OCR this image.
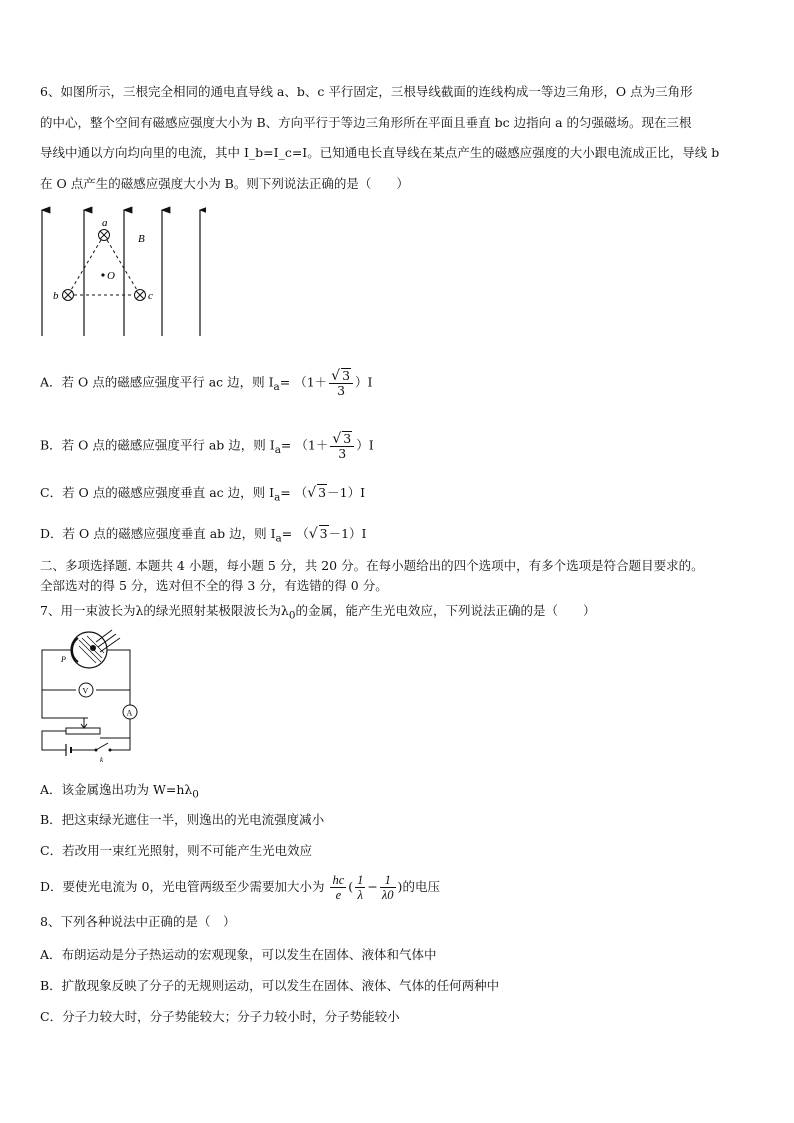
6、如图所示，三根完全相同的通电直导线 a、b、c 平行固定，三根导线截面的连线构成一等边三角形，O 点为三角形
的中心，整个空间有磁感应强度大小为 B、方向平行于等边三角形所在平面且垂直 bc 边指向 a 的匀强磁场。现在三根
导线中通以方向均向里的电流，其中 I_b=I_c=I。已知通电长直导线在某点产生的磁感应强度的大小跟电流成正比，导线 b
在 O 点产生的磁感应强度大小为 B。则下列说法正确的是（　　）
a
b	c
O
B
A．若 O 点的磁感应强度平行 ac 边，则 $I_a= (1+ \frac{√ 3}{3} )I$
B．若 O 点的磁感应强度平行 ab 边，则 $I_a= (1+ \frac{√ 3}{3} )I$
C．若 O 点的磁感应强度垂直 ac 边，则 $I_a=$ （√ 3－1）I
D．若 O 点的磁感应强度垂直 ab 边，则 $I_a=$ （√ 3－1）I
二、多项选择题. 本题共 4 小题，每小题 5 分，共 20 分。在每小题给出的四个选项中，有多个选项是符合题目要求的。
全部选对的得 5 分，选对但不全的得 3 分，有选错的得 0 分。
7、用一束波长为λ的绿光照射某极限波长为$\lambda_0$的金属，能产生光电效应，下列说法正确的是（　　）
V
A
P
k
A．该金属逸出功为 $W=h\lambda_0$
B．把这束绿光遮住一半，则逸出的光电流强度减小
C．若改用一束红光照射，则不可能产生光电效应
D．要使光电流为 0，光电管两级至少需要加大小为 $\frac{hc}{e}$ ( $\frac{1}{\lambda} - \frac{1}{\lambda 0}$ )的电压
8、下列各种说法中正确的是（　）
A．布朗运动是分子热运动的宏观现象，可以发生在固体、液体和气体中
B．扩散现象反映了分子的无规则运动，可以发生在固体、液体、气体的任何两种中
C．分子力较大时，分子势能较大；分子力较小时，分子势能较小
